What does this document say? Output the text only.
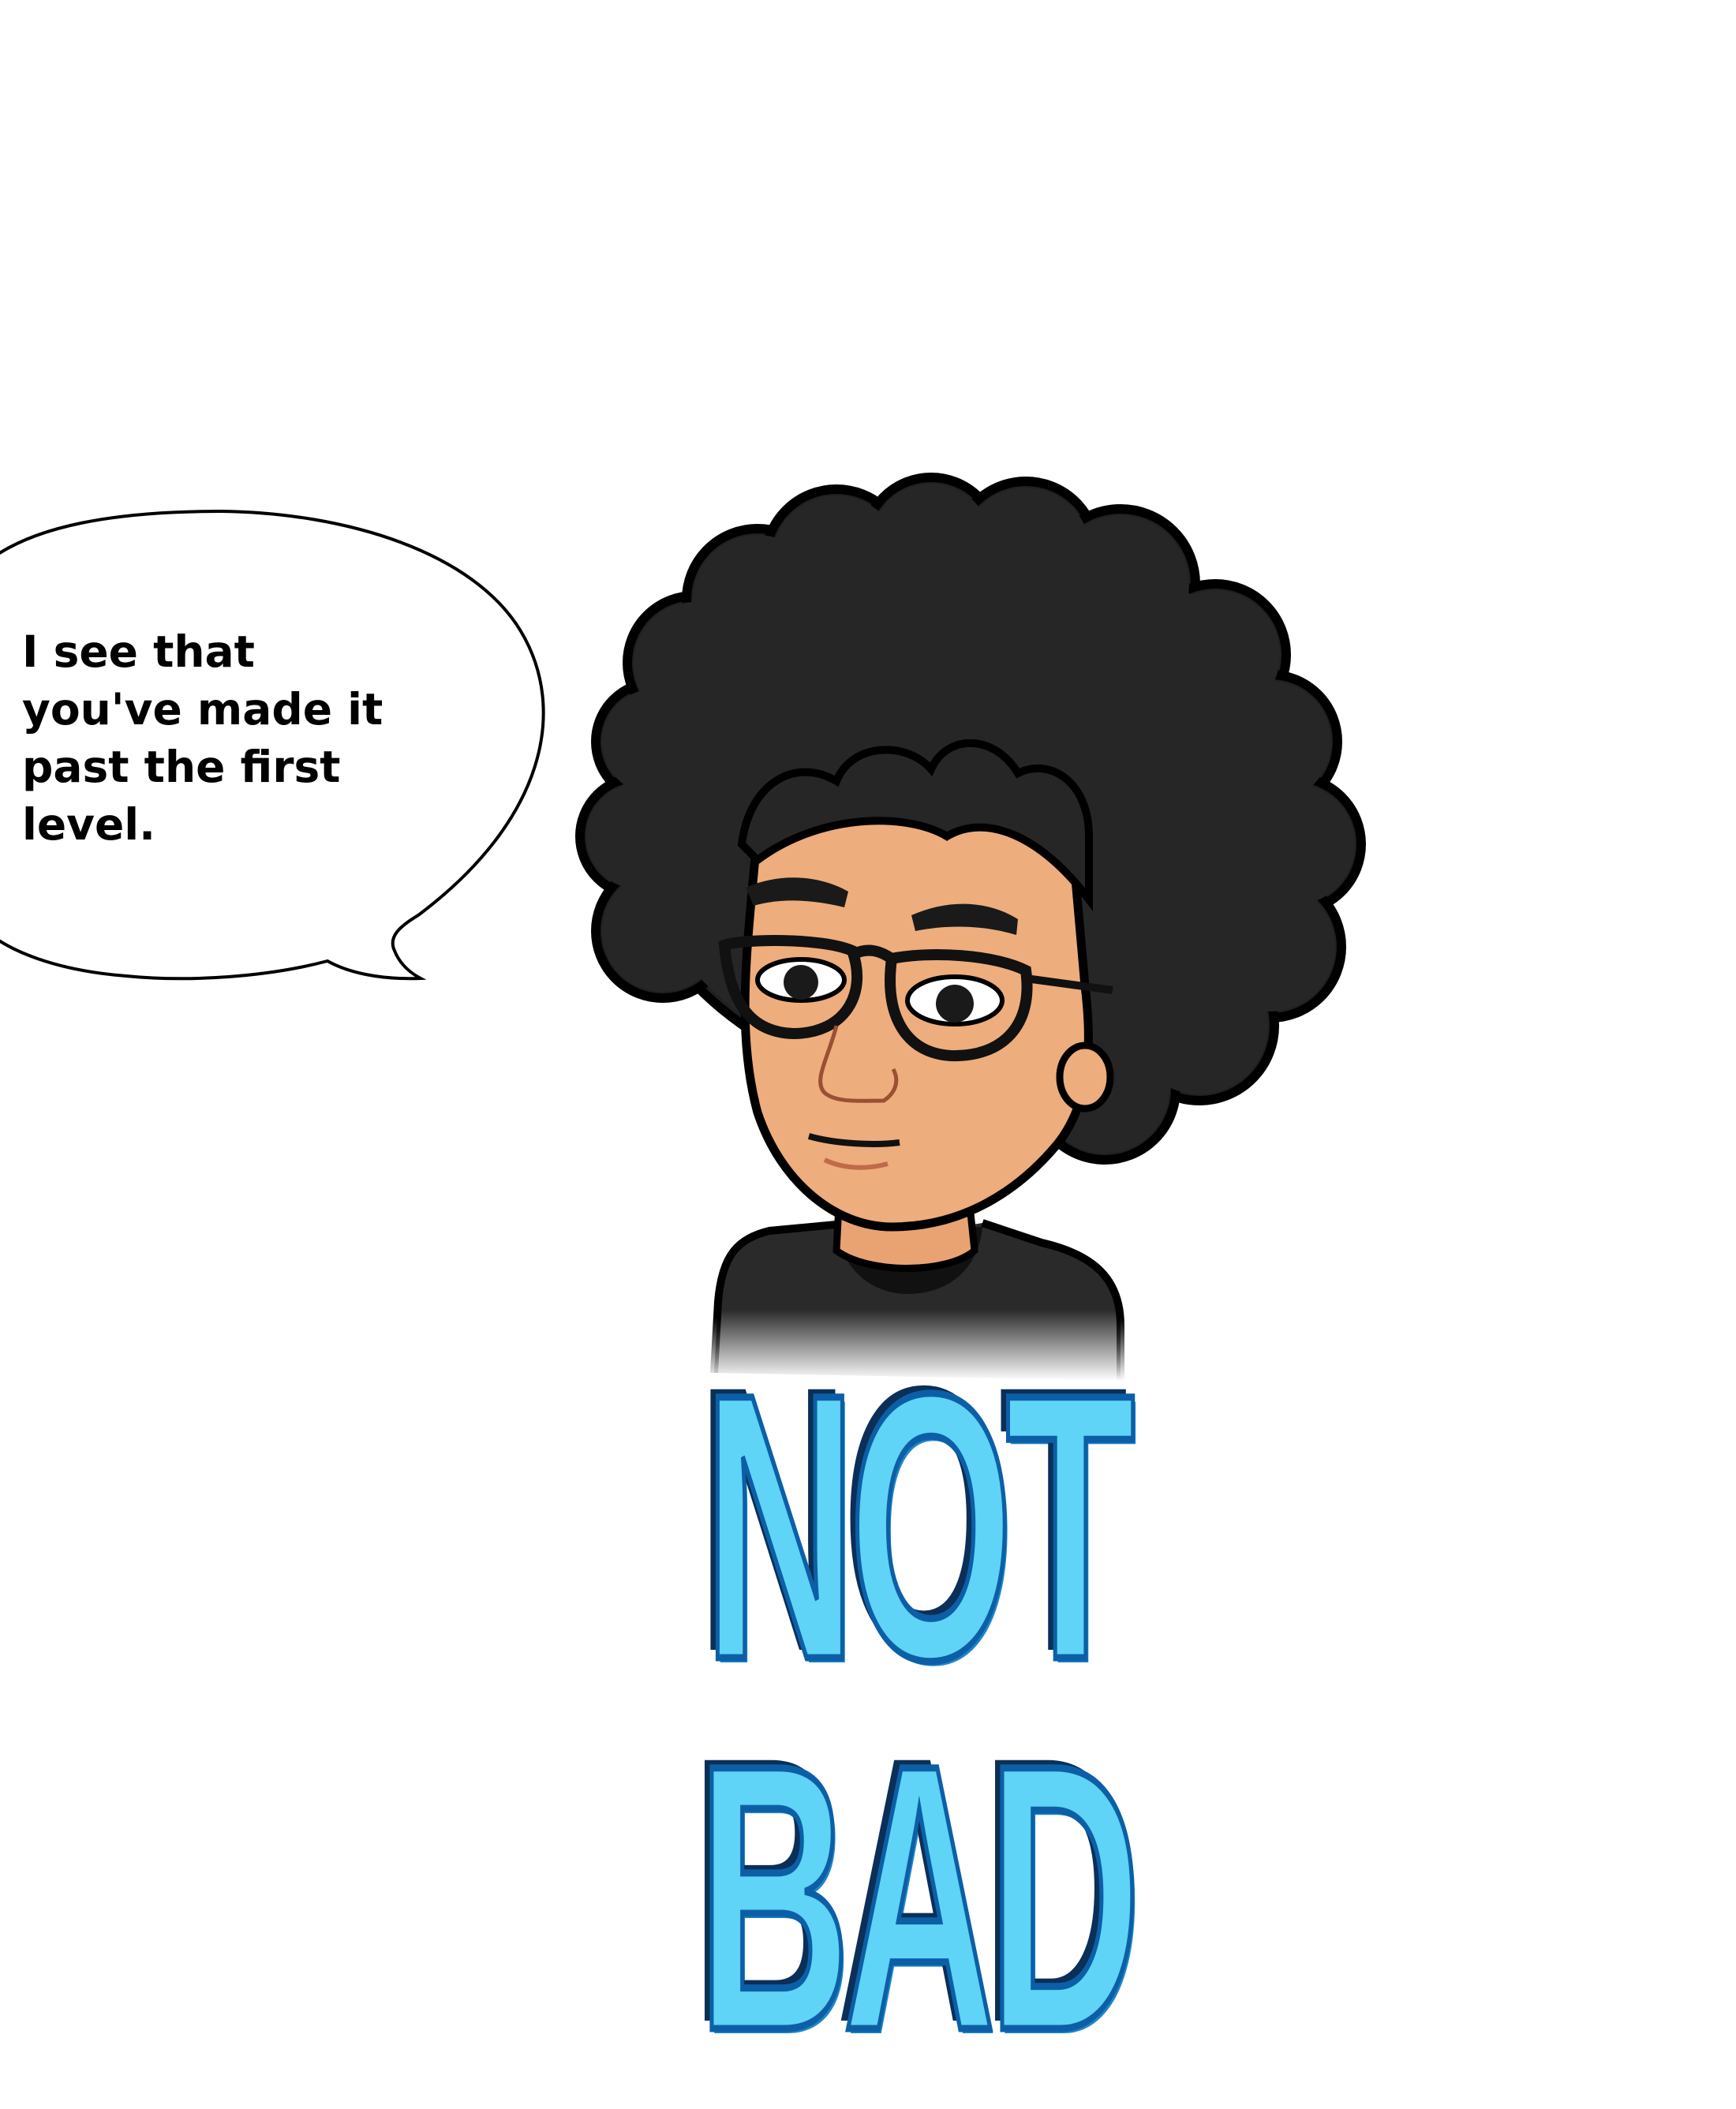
I see that
you've made it
past the first
level.

NOT BAD
